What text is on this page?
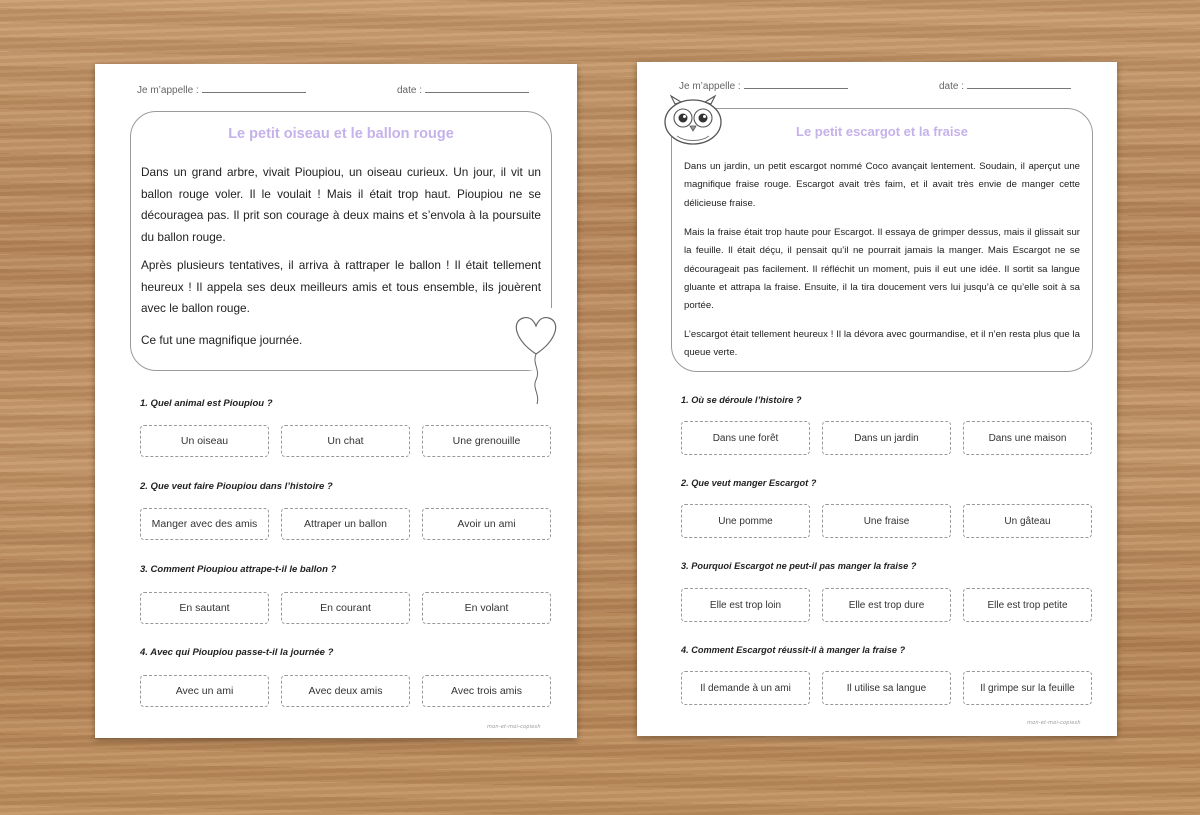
Je m’appelle :	date :
Le petit oiseau et le ballon rouge
Dans un grand arbre, vivait Pioupiou, un oiseau curieux. Un jour, il vit un ballon rouge voler. Il le voulait ! Mais il était trop haut. Pioupiou ne se découragea pas. Il prit son courage à deux mains et s’envola à la poursuite du ballon rouge.
Après plusieurs tentatives, il arriva à rattraper le ballon ! Il était tellement heureux ! Il appela ses deux meilleurs amis et tous ensemble, ils jouèrent avec le ballon rouge.
Ce fut une magnifique journée.
1. Quel animal est Pioupiou ?
Un oiseau	Un chat	Une grenouille
2. Que veut faire Pioupiou dans l’histoire ?
Manger avec des amis	Attraper un ballon	Avoir un ami
3. Comment Pioupiou attrape-t-il le ballon ?
En sautant	En courant	En volant
4. Avec qui Pioupiou passe-t-il la journée ?
Avec un ami	Avec deux amis	Avec trois amis
mon-et-moi-copiesh
Je m’appelle :	date :
Le petit escargot et la fraise
Dans un jardin, un petit escargot nommé Coco avançait lentement. Soudain, il aperçut une magnifique fraise rouge. Escargot avait très faim, et il avait très envie de manger cette délicieuse fraise.
Mais la fraise était trop haute pour Escargot. Il essaya de grimper dessus, mais il glissait sur la feuille. Il était déçu, il pensait qu’il ne pourrait jamais la manger. Mais Escargot ne se décourageait pas facilement. Il réfléchit un moment, puis il eut une idée. Il sortit sa langue gluante et attrapa la fraise. Ensuite, il la tira doucement vers lui jusqu’à ce qu’elle soit à sa portée.
L’escargot était tellement heureux ! Il la dévora avec gourmandise, et il n’en resta plus que la queue verte.
1. Où se déroule l’histoire ?
Dans une forêt	Dans un jardin	Dans une maison
2. Que veut manger Escargot ?
Une pomme	Une fraise	Un gâteau
3. Pourquoi Escargot ne peut-il pas manger la fraise ?
Elle est trop loin	Elle est trop dure	Elle est trop petite
4. Comment Escargot réussit-il à manger la fraise ?
Il demande à un ami	Il utilise sa langue	Il grimpe sur la feuille
mon-et-moi-copiesh
